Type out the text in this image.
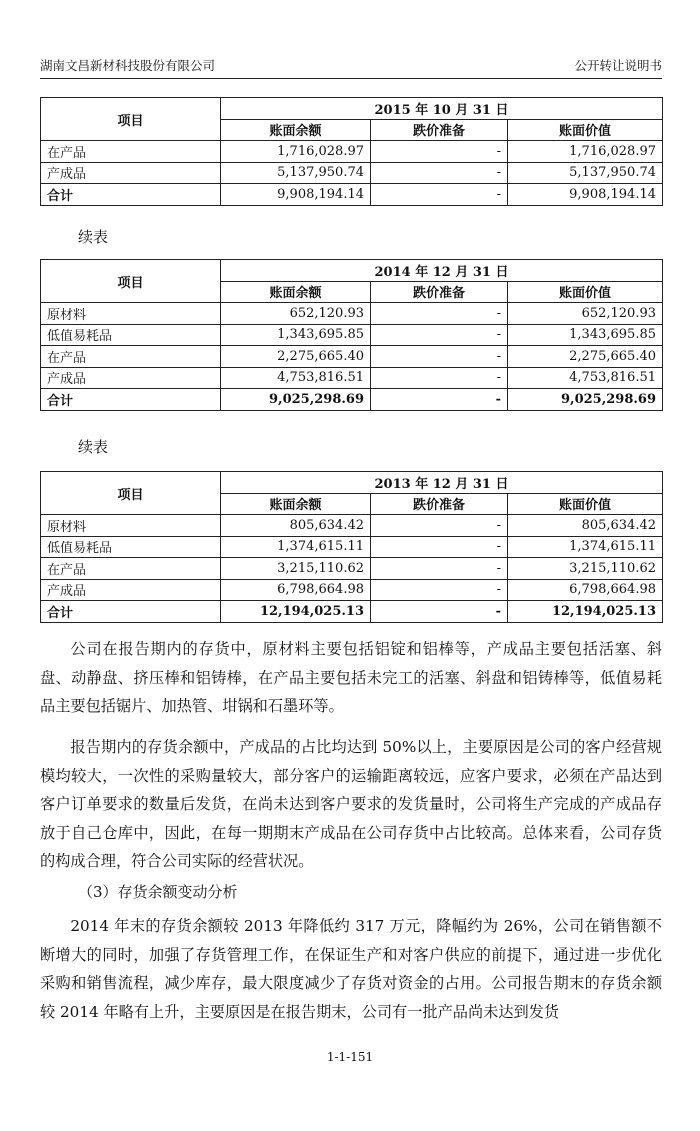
湖南文昌新材科技股份有限公司	公开转让说明书
项目	2015 年 10 月 31 日		
	账面余额	跌价准备	账面价值
在产品	1,716,028.97	-	1,716,028.97
产成品	5,137,950.74	-	5,137,950.74
合计	9,908,194.14	-	9,908,194.14
续表
项目	2014 年 12 月 31 日		
	账面余额	跌价准备	账面价值
原材料	652,120.93	-	652,120.93
低值易耗品	1,343,695.85	-	1,343,695.85
在产品	2,275,665.40	-	2,275,665.40
产成品	4,753,816.51	-	4,753,816.51
合计	9,025,298.69	-	9,025,298.69
续表
项目	2013 年 12 月 31 日		
	账面余额	跌价准备	账面价值
原材料	805,634.42	-	805,634.42
低值易耗品	1,374,615.11	-	1,374,615.11
在产品	3,215,110.62	-	3,215,110.62
产成品	6,798,664.98	-	6,798,664.98
合计	12,194,025.13	-	12,194,025.13

公司在报告期内的存货中，原材料主要包括铝锭和铝棒等，产成品主要包括活塞、斜盘、动静盘、挤压棒和铝铸棒，在产品主要包括未完工的活塞、斜盘和铝铸棒等，低值易耗品主要包括锯片、加热管、坩锅和石墨环等。

报告期内的存货余额中，产成品的占比均达到 50%以上，主要原因是公司的客户经营规模均较大，一次性的采购量较大，部分客户的运输距离较远，应客户要求，必须在产品达到客户订单要求的数量后发货，在尚未达到客户要求的发货量时，公司将生产完成的产成品存放于自己仓库中，因此，在每一期期末产成品在公司存货中占比较高。总体来看，公司存货的构成合理，符合公司实际的经营状况。

（3）存货余额变动分析

2014 年末的存货余额较 2013 年降低约 317 万元，降幅约为 26%，公司在销售额不断增大的同时，加强了存货管理工作，在保证生产和对客户供应的前提下，通过进一步优化采购和销售流程，减少库存，最大限度减少了存货对资金的占用。公司报告期末的存货余额较 2014 年略有上升，主要原因是在报告期末，公司有一批产品尚未达到发货

1-1-151
